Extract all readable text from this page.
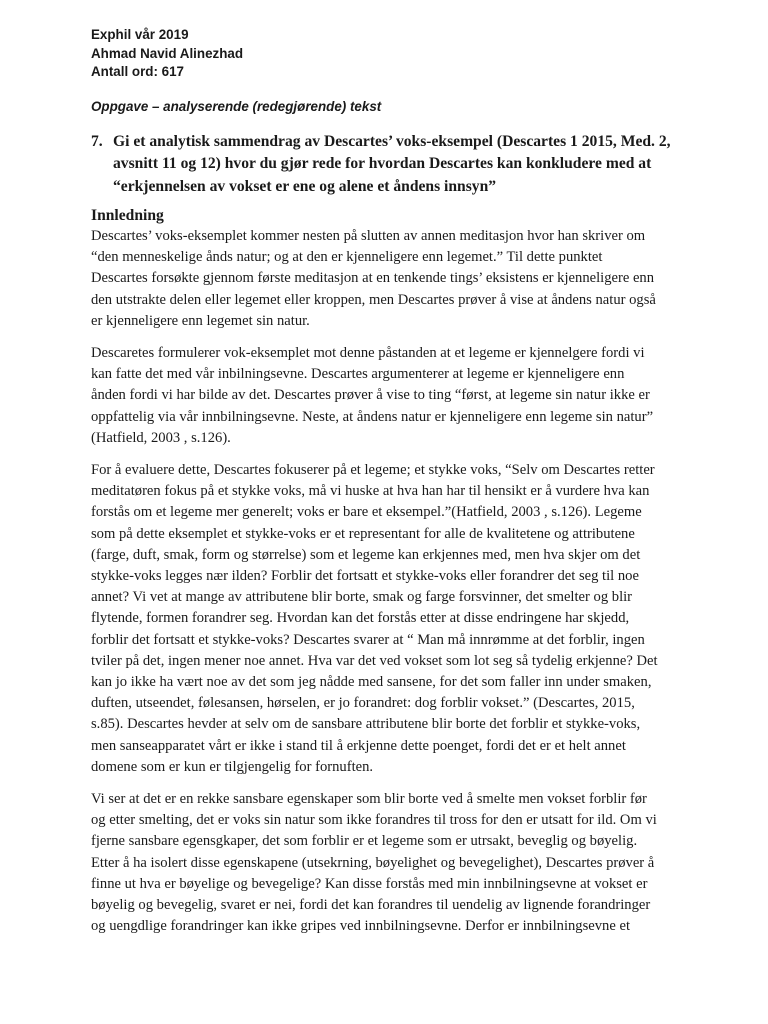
Exphil vår 2019
Ahmad Navid Alinezhad
Antall ord: 617
Oppgave – analyserende (redegjørende) tekst
7. Gi et analytisk sammendrag av Descartes’ voks-eksempel (Descartes 1 2015, Med. 2,
avsnitt 11 og 12) hvor du gjør rede for hvordan Descartes kan konkludere med at
“erkjennelsen av vokset er ene og alene et åndens innsyn”
Innledning

Descartes’ voks-eksemplet kommer nesten på slutten av annen meditasjon hvor han skriver om
“den menneskelige ånds natur; og at den er kjenneligere enn legemet.” Til dette punktet
Descartes forsøkte gjennom første meditasjon at en tenkende tings’ eksistens er kjenneligere enn
den utstrakte delen eller legemet eller kroppen, men Descartes prøver å vise at åndens natur også
er kjenneligere enn legemet sin natur.

Descaretes formulerer vok-eksemplet mot denne påstanden at et legeme er kjennelgere fordi vi
kan fatte det med vår inbilningsevne. Descartes argumenterer at legeme er kjenneligere enn
ånden fordi vi har bilde av det. Descartes prøver å vise to ting “først, at legeme sin natur ikke er
oppfattelig via vår innbilningsevne. Neste, at åndens natur er kjenneligere enn legeme sin natur”
(Hatfield, 2003 , s.126).

For å evaluere dette, Descartes fokuserer på et legeme; et stykke voks, “Selv om Descartes retter
meditatøren fokus på et stykke voks, må vi huske at hva han har til hensikt er å vurdere hva kan
forstås om et legeme mer generelt; voks er bare et eksempel.”(Hatfield, 2003 , s.126). Legeme
som på dette eksemplet et stykke-voks er et representant for alle de kvalitetene og attributene
(farge, duft, smak, form og størrelse) som et legeme kan erkjennes med, men hva skjer om det
stykke-voks legges nær ilden? Forblir det fortsatt et stykke-voks eller forandrer det seg til noe
annet? Vi vet at mange av attributene blir borte, smak og farge forsvinner, det smelter og blir
flytende, formen forandrer seg. Hvordan kan det forstås etter at disse endringene har skjedd,
forblir det fortsatt et stykke-voks? Descartes svarer at “ Man må innrømme at det forblir, ingen
tviler på det, ingen mener noe annet. Hva var det ved vokset som lot seg så tydelig erkjenne? Det
kan jo ikke ha vært noe av det som jeg nådde med sansene, for det som faller inn under smaken,
duften, utseendet, følesansen, hørselen, er jo forandret: dog forblir vokset.” (Descartes, 2015,
s.85). Descartes hevder at selv om de sansbare attributene blir borte det forblir et stykke-voks,
men sanseapparatet vårt er ikke i stand til å erkjenne dette poenget, fordi det er et helt annet
domene som er kun er tilgjengelig for fornuften.

Vi ser at det er en rekke sansbare egenskaper som blir borte ved å smelte men vokset forblir før
og etter smelting, det er voks sin natur som ikke forandres til tross for den er utsatt for ild. Om vi
fjerne sansbare egensgkaper, det som forblir er et legeme som er utrsakt, beveglig og bøyelig.
Etter å ha isolert disse egenskapene (utsekrning, bøyelighet og bevegelighet), Descartes prøver å
finne ut hva er bøyelige og bevegelige? Kan disse forstås med min innbilningsevne at vokset er
bøyelig og bevegelig, svaret er nei, fordi det kan forandres til uendelig av lignende forandringer
og uengdlige forandringer kan ikke gripes ved innbilningsevne. Derfor er innbilningsevne et
